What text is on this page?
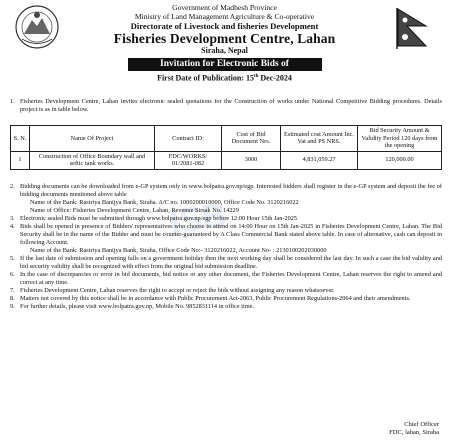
Government of Madhesh Province
Ministry of Land Management Agriculture & Co-operative
Directorate of Livestock and fisheries Development
Fisheries Development Centre, Lahan
Siraha, Nepal
Invitation for Electronic Bids of
First Date of Publication: 15th Dec-2024
ISB
1. Fisheries Development Centre, Lahan invites electronic sealed quotations for the Construction of works under National Competitive Bidding procedures. Details project is as in table below.
S. N.	Name Of Project	Contract ID:	Cost of Bid Document Nrs.	Estimated cost Amount Inc. Vat and PS NRS.	Bid Security Amount & Validity Period 120 days from the opening
1	Construction of Office Boundary wall and seftic tank works.	FDC/WORKS/ 01/2081-082	3000	4,831,059.27	120,000.00
2. Bidding documents can be downloaded from e-GP system only in www.bolpatra.gov.np/egp. Interested bidders shall register in the e-GP system and deposit the fee of bidding documents mentioned above table
Name of the Bank: Rastriya Banijya Bank, Siraha. A/C no. 1000200010000, Office Code No. 3120216022
Name of Office: Fisheries Development Centre, Lahan, Revenue Sirsak No. 14229
3. Electronic sealed Bids must be submitted through www.bolpatra.gov.np/egp before 12:00 Hour 15th Jan-2025
4. Bids shall be opened in presence of Bidders' representatives who choose to attend on 14:00 Hour on 15th Jan-2025 in Fisheries Development Centre, Lahan. The Bid Security shall be in the name of the Bidder and must be counter-guaranteed by A Class Commercial Bank stated above table. In case of alternative, cash can deposit in following Account.
Name of the Bank: Rastriya Banijya Bank, Siraha, Office Code No:- 3120216022, Account No- : 2130100202030000
5. If the last date of submission and opening falls on a government holiday then the next working day shall be considered the last day. In such a case the bid validity and bid security validity shall be recognized with effect from the original bid submission deadline.
6. In the case of discrepancies or error in bid documents, bid notice or any other document, the Fisheries Development Centre, Lahan reserves the right to amend and correct at any time.
7. Fisheries Development Centre, Lahan reserves the right to accept or reject the bids without assigning any reason whatsoever.
8. Matters not covered by this notice shall be in accordance with Public Procurement Act-2063, Public Procurement Regulations-2064 and their amendments.
9. For further details, please visit www.bolpatra.gov.np, Mobile No. 9852831114 in office time.
Chief Officer
FDC, lahan, Siraha
